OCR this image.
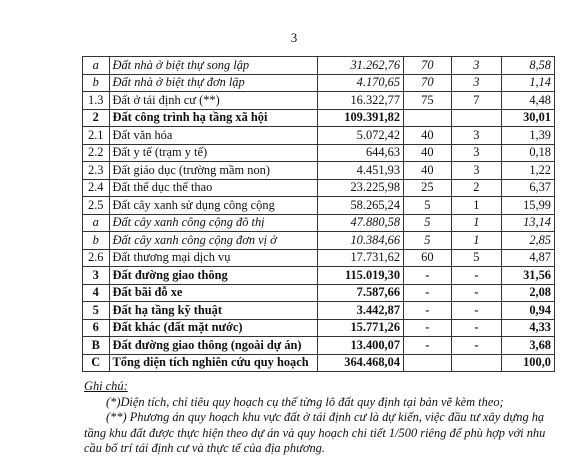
3
a	Đất nhà ở biệt thự song lập	31.262,76	70	3	8,58
b	Đất nhà ở biệt thự đơn lập	4.170,65	70	3	1,14
1.3	Đất ở tái định cư (**)	16.322,77	75	7	4,48
2	Đất công trình hạ tầng xã hội	109.391,82			30,01
2.1	Đất văn hóa	5.072,42	40	3	1,39
2.2	Đất y tế (trạm y tế)	644,63	40	3	0,18
2.3	Đất giáo dục (trường mầm non)	4.451,93	40	3	1,22
2.4	Đất thể dục thể thao	23.225,98	25	2	6,37
2.5	Đất cây xanh sử dụng công cộng	58.265,24	5	1	15,99
a	Đất cây xanh công cộng đô thị	47.880,58	5	1	13,14
b	Đất cây xanh công cộng đơn vị ở	10.384,66	5	1	2,85
2.6	Đất thương mại dịch vụ	17.731,62	60	5	4,87
3	Đất đường giao thông	115.019,30	-	-	31,56
4	Đất bãi đỗ xe	7.587,66	-	-	2,08
5	Đất hạ tầng kỹ thuật	3.442,87	-	-	0,94
6	Đất khác (đất mặt nước)	15.771,26	-	-	4,33
B	Đất đường giao thông (ngoài dự án)	13.400,07	-	-	3,68
C	Tổng diện tích nghiên cứu quy hoạch	364.468,04			100,0

Ghi chú:

(*)Diện tích, chỉ tiêu quy hoạch cụ thể từng lô đất quy định tại bản vẽ kèm theo;

(**) Phương án quy hoạch khu vực đất ở tái định cư là dự kiến, việc đầu tư xây dựng hạ tầng khu đất được thực hiện theo dự án và quy hoạch chi tiết 1/500 riêng để phù hợp với nhu cầu bố trí tái định cư và thực tế của địa phương.
